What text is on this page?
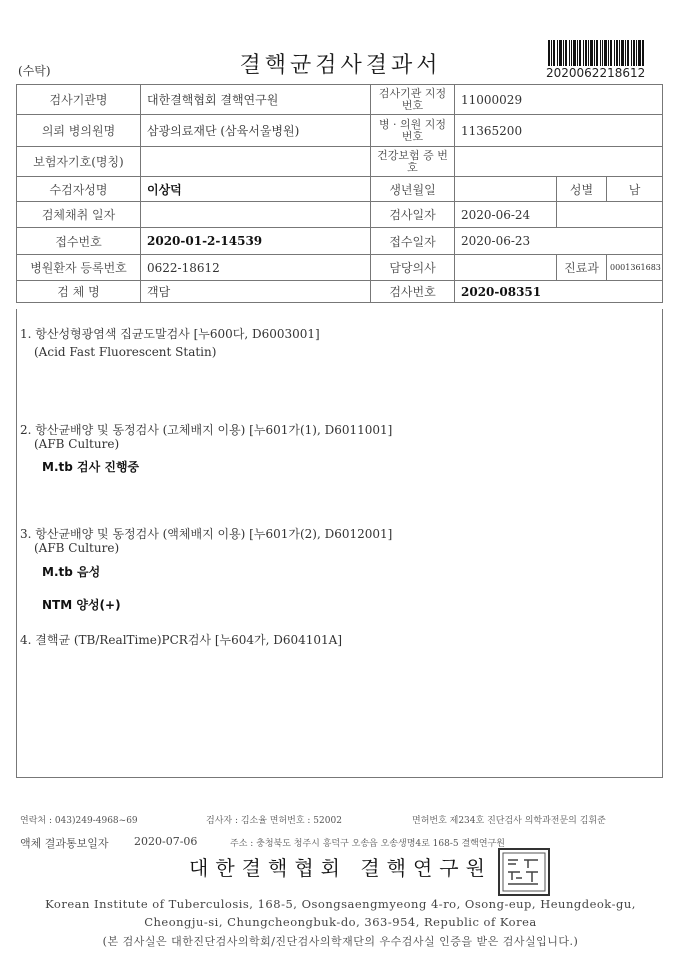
(수탁)	결핵균검사결과서	2020062218612
검사기관명	대한결핵협회 결핵연구원	검사기관 지정번호	11000029		
의뢰 병의원명	삼광의료재단 (삼육서울병원)	병 · 의원 지정번호	11365200		
보험자기호(명칭)		건강보험 증 번 호			
수검자성명	이상덕	생년월일		성별	남
검체채취 일자		검사일자	2020-06-24		
접수번호	2020-01-2-14539	접수일자	2020-06-23		
병원환자 등록번호	0622-18612	담당의사		진료과	0001361683
검 체 명	객담	검사번호	2020-08351		
1. 항산성형광염색 집균도말검사 [누600다, D6003001]
(Acid Fast Fluorescent Statin)
2. 항산균배양 및 동정검사 (고체배지 이용) [누601가(1), D6011001]
(AFB Culture)
M.tb 검사 진행중
3. 항산균배양 및 동정검사 (액체배지 이용) [누601가(2), D6012001]
(AFB Culture)
M.tb 음성
NTM 양성(+)
4. 결핵균 (TB/RealTime)PCR검사 [누604가, D604101A]
연락처 : 043)249-4968~69	검사자 : 김소율 면허번호 : 52002	면허번호 제234호 진단검사 의학과전문의 김휘준
액체 결과통보일자 2020-07-06	주소 : 충청북도 청주시 흥덕구 오송읍 오송생명4로 168-5 결핵연구원
대한결핵협회 결핵연구원
Korean Institute of Tuberculosis, 168-5, Osongsaengmyeong 4-ro, Osong-eup, Heungdeok-gu,
Cheongju-si, Chungcheongbuk-do, 363-954, Republic of Korea
(본 검사실은 대한진단검사의학회/진단검사의학재단의 우수검사실 인증을 받은 검사실입니다.)
